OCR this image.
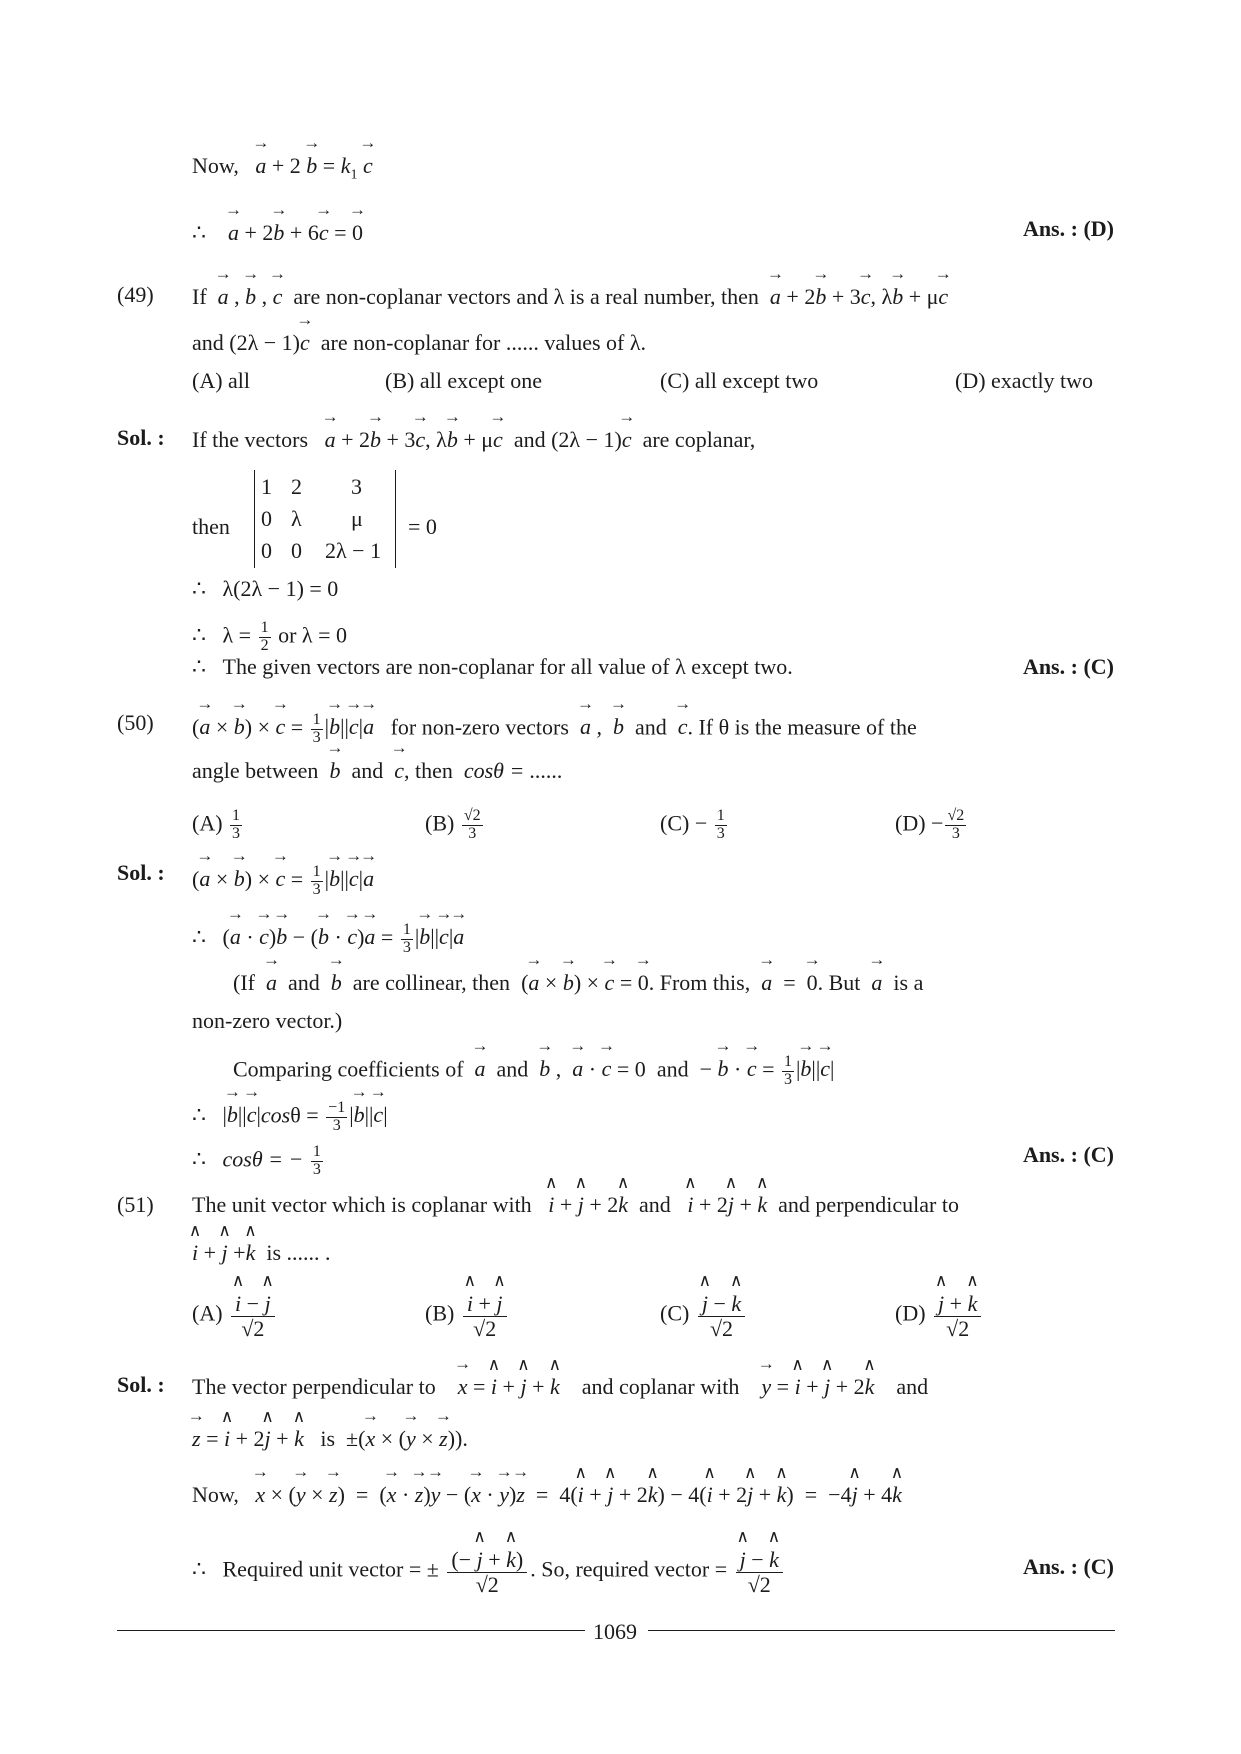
Now, → $a + 2 \to b = k_1 \to c$
∴ → a + 2→ b + 6→ c = → 0	Ans. : (D)
(49) If → a , → b , → c are non-coplanar vectors and λ is a real number, then → a + 2→ b + 3→ c, λ→ b + μ→ c
and (2λ − 1)→ c are non-coplanar for ...... values of λ.
(A) all	(B) all except one	(C) all except two	(D) exactly two
Sol. : If the vectors → a + 2→ b + 3→ c, λ→ b + μ→ c and (2λ − 1)→ c are coplanar,
then
1 2 3
0 λ μ
0 0 2λ − 1
= 0
∴   λ(2λ − 1) = 0
∴   $\lambda = \frac{1}{2}$ or λ = 0
∴   The given vectors are non-coplanar for all value of λ except two.	Ans. : (C)
(50) (→ a × → b) × → $c = \frac{1}{3}$ |→ b||→ c|→ a for non-zero vectors → a ,  → b and → c. If θ is the measure of the
angle between → b and → c, then cosθ = ......
$(A) \frac{1}{3}$	$(B) \frac{√2}{3}$	$(C) - \frac{1}{3}$	$(D) - \frac{√2}{3}$
Sol. : (→ a × → b) × → $c = \frac{1}{3}$ |→ b||→ c|→ a
∴   (→ a · → c)→ b − (→ b · → $c)\to a = \frac{1}{3}$ |→ b||→ c|→ a
(If → a and → b are collinear, then  (→ a × → b) × → c = → 0. From this, → a  =  → 0. But → a is a
non-zero vector.)
Comparing coefficients of → a and → b ,  → a · → c = 0  and  − → b · → $c = \frac{1}{3}$ |→ b||→ c|
∴   |→ $b||\to c|\cos\theta = \frac{-1}{3}$ |→ b||→ c|
∴   cosθ = − $\frac{1}{3}$	Ans. : (C)
(51) The unit vector which is coplanar with ∧ i + ∧ j + 2∧ k and ∧ i + 2∧ j + ∧ k and perpendicular to
∧ i + ∧ j +∧ k is ...... .
(A) ∧ $\frac{i - \wedge j}{√2}$	(B) ∧ $\frac{i + \wedge j}{√2}$	(C) ∧ $\frac{j - \wedge k}{√2}$	(D) ∧ $\frac{j + \wedge k}{√2}$
Sol. : The vector perpendicular to → x = ∧ i + ∧ j + ∧ k and coplanar with → y = ∧ i + ∧ j + 2∧ k and
→ z = ∧ i + 2∧ j + ∧ k is  ±(→ x × (→ y × → z)).
Now, → x × (→ y × → z)  =  (→ x · → z)→ y − (→ x · → y)→ z  =  4(∧ i + ∧ j + 2∧ k) − 4(∧ i + 2∧ j + ∧ k)  =  −4∧ j + 4∧ k
∴   Required unit vector = ± $\frac{(- \wedge j + \wedge k)}{√2}$ . So, required vector = ∧ $\frac{j - \wedge k}{√2}$	Ans. : (C)
1069
